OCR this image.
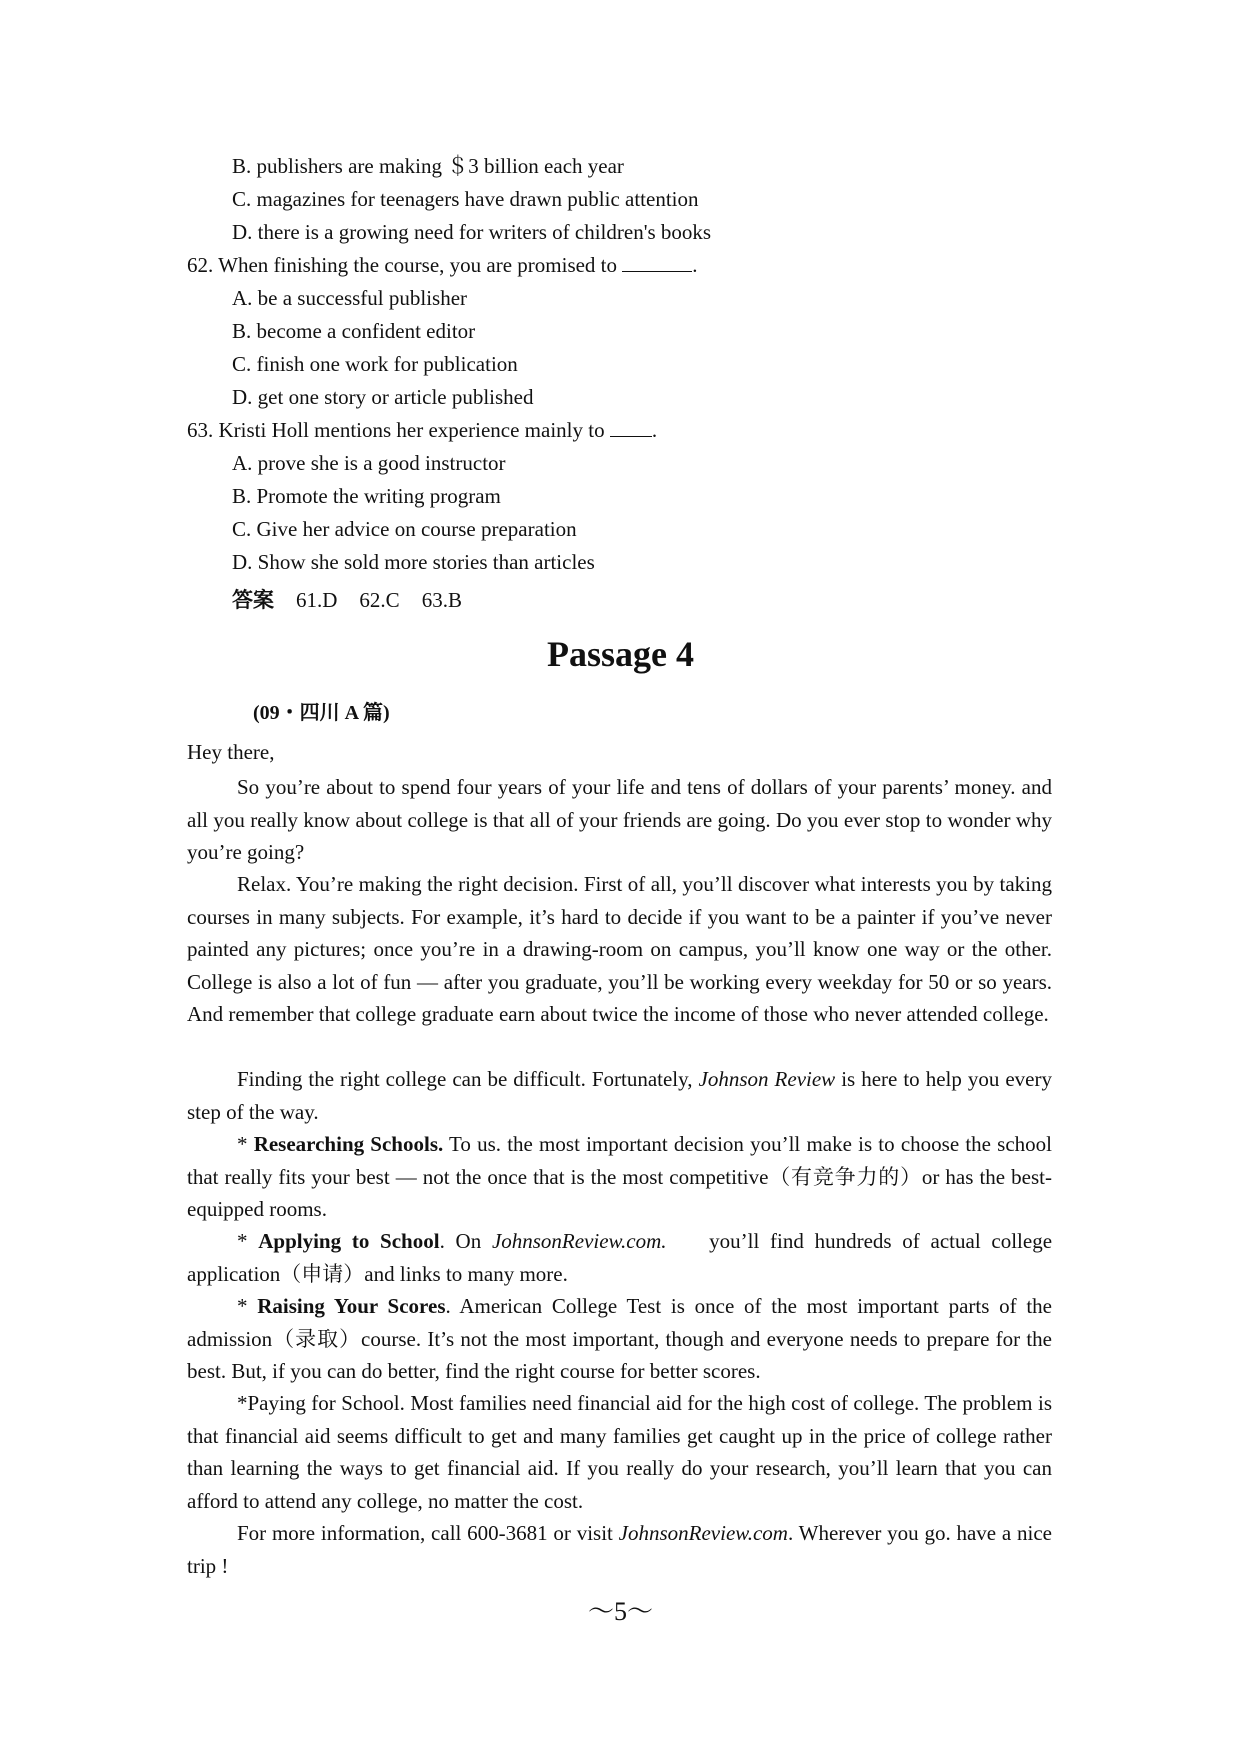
B. publishers are making ＄3 billion each year
C. magazines for teenagers have drawn public attention
D. there is a growing need for writers of children's books
62. When finishing the course, you are promised to	.
A. be a successful publisher
B. become a confident editor
C. finish one work for publication
D. get one story or article published
63. Kristi Holl mentions her experience mainly to .
A. prove she is a good instructor
B. Promote the writing program
C. Give her advice on course preparation
D. Show she sold more stories than articles
答案 61.D 62.C 63.B
Passage 4
(09・四川 A 篇)
Hey there,

So you’re about to spend four years of your life and tens of dollars of your parents’ money. and all you really know about college is that all of your friends are going. Do you ever stop to wonder why you’re going?

Relax. You’re making the right decision. First of all, you’ll discover what interests you by taking courses in many subjects. For example, it’s hard to decide if you want to be a painter if you’ve never painted any pictures; once you’re in a drawing-room on campus, you’ll know one way or the other. College is also a lot of fun — after you graduate, you’ll be working every weekday for 50 or so years. And remember that college graduate earn about twice the income of those who never attended college.

Finding the right college can be difficult. Fortunately, Johnson Review is here to help you every step of the way.

* Researching Schools. To us. the most important decision you’ll make is to choose the school that really fits your best — not the once that is the most competitive（有竞争力的）or has the best-equipped rooms.

* Applying to School. On JohnsonReview.com.　 you’ll find hundreds of actual college application（申请）and links to many more.

* Raising Your Scores. American College Test is once of the most important parts of the admission（录取）course. It’s not the most important, though and everyone needs to prepare for the best. But, if you can do better, find the right course for better scores.

*Paying for School. Most families need financial aid for the high cost of college. The problem is that financial aid seems difficult to get and many families get caught up in the price of college rather than learning the ways to get financial aid. If you really do your research, you’ll learn that you can afford to attend any college, no matter the cost.

For more information, call 600-3681 or visit JohnsonReview.com. Wherever you go. have a nice trip !

～5～
